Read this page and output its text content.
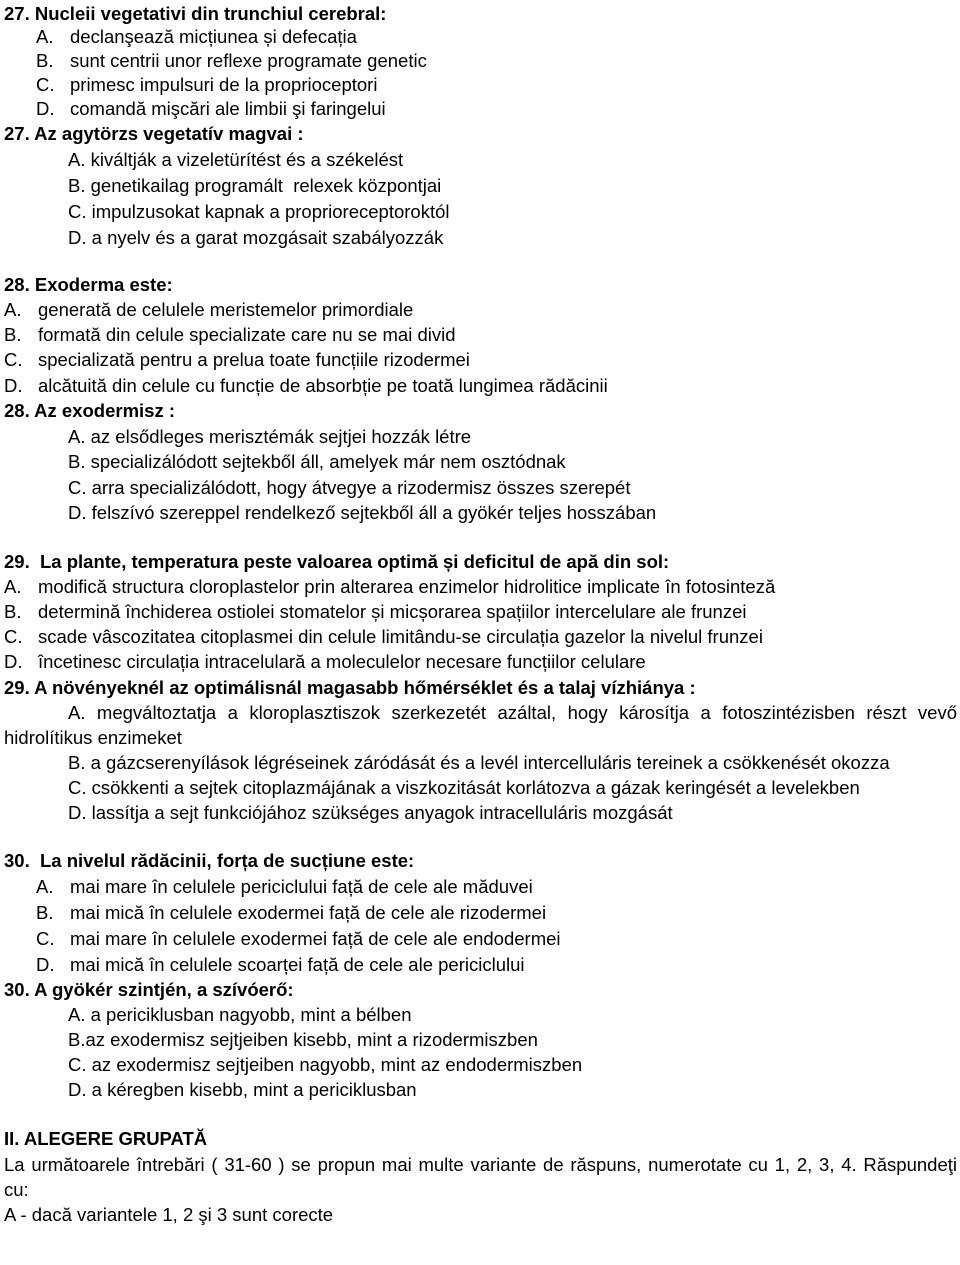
27. Nucleii vegetativi din trunchiul cerebral:

A.

declanşează micțiunea și defecația

B.

sunt centrii unor reflexe programate genetic

C.

primesc impulsuri de la proprioceptori

D.

comandă mişcări ale limbii şi faringelui

27. Az agytörzs vegetatív magvai :

A. kiváltják a vizeletürítést és a székelést

B. genetikailag programált  relexek központjai

C. impulzusokat kapnak a proprioreceptoroktól

D. a nyelv és a garat mozgásait szabályozzák

28. Exoderma este:

A.

generată de celulele meristemelor primordiale

B.

formată din celule specializate care nu se mai divid

C.

specializată pentru a prelua toate funcțiile rizodermei

D.

alcătuită din celule cu funcție de absorbție pe toată lungimea rădăcinii

28. Az exodermisz :

A. az elsődleges merisztémák sejtjei hozzák létre

B. specializálódott sejtekből áll, amelyek már nem osztódnak

C. arra specializálódott, hogy átvegye a rizodermisz összes szerepét

D. felszívó szereppel rendelkező sejtekből áll a gyökér teljes hosszában

29.  La plante, temperatura peste valoarea optimă și deficitul de apă din sol:

A.

modifică structura cloroplastelor prin alterarea enzimelor hidrolitice implicate în fotosinteză

B.

determină închiderea ostiolei stomatelor și micșorarea spațiilor intercelulare ale frunzei

C.

scade vâscozitatea citoplasmei din celule limitându-se circulația gazelor la nivelul frunzei

D.

încetinesc circulația intracelulară a moleculelor necesare funcțiilor celulare

29. A növényeknél az optimálisnál magasabb hőmérséklet és a talaj vízhiánya :

A. megváltoztatja a kloroplasztiszok szerkezetét azáltal, hogy károsítja a fotoszintézisben részt vevő hidrolítikus enzimeket

B. a gázcserenyílások légréseinek záródását és a levél intercelluláris tereinek a csökkenését okozza

C. csökkenti a sejtek citoplazmájának a viszkozitását korlátozva a gázak keringését a levelekben

D. lassítja a sejt funkciójához szükséges anyagok intracelluláris mozgását

30.  La nivelul rădăcinii, forța de sucțiune este:

A.

mai mare în celulele periciclului față de cele ale măduvei

B.

mai mică în celulele exodermei față de cele ale rizodermei

C.

mai mare în celulele exodermei față de cele ale endodermei

D.

mai mică în celulele scoarței față de cele ale periciclului

30. A gyökér szintjén, a szívóerő:

A. a periciklusban nagyobb, mint a bélben

B.az exodermisz sejtjeiben kisebb, mint a rizodermiszben

C. az exodermisz sejtjeiben nagyobb, mint az endodermiszben

D. a kéregben kisebb, mint a periciklusban

II. ALEGERE GRUPATĂ

La următoarele întrebări ( 31-60 ) se propun mai multe variante de răspuns, numerotate cu 1, 2, 3, 4. Răspundeţi

cu:

A - dacă variantele 1, 2 şi 3 sunt corecte
